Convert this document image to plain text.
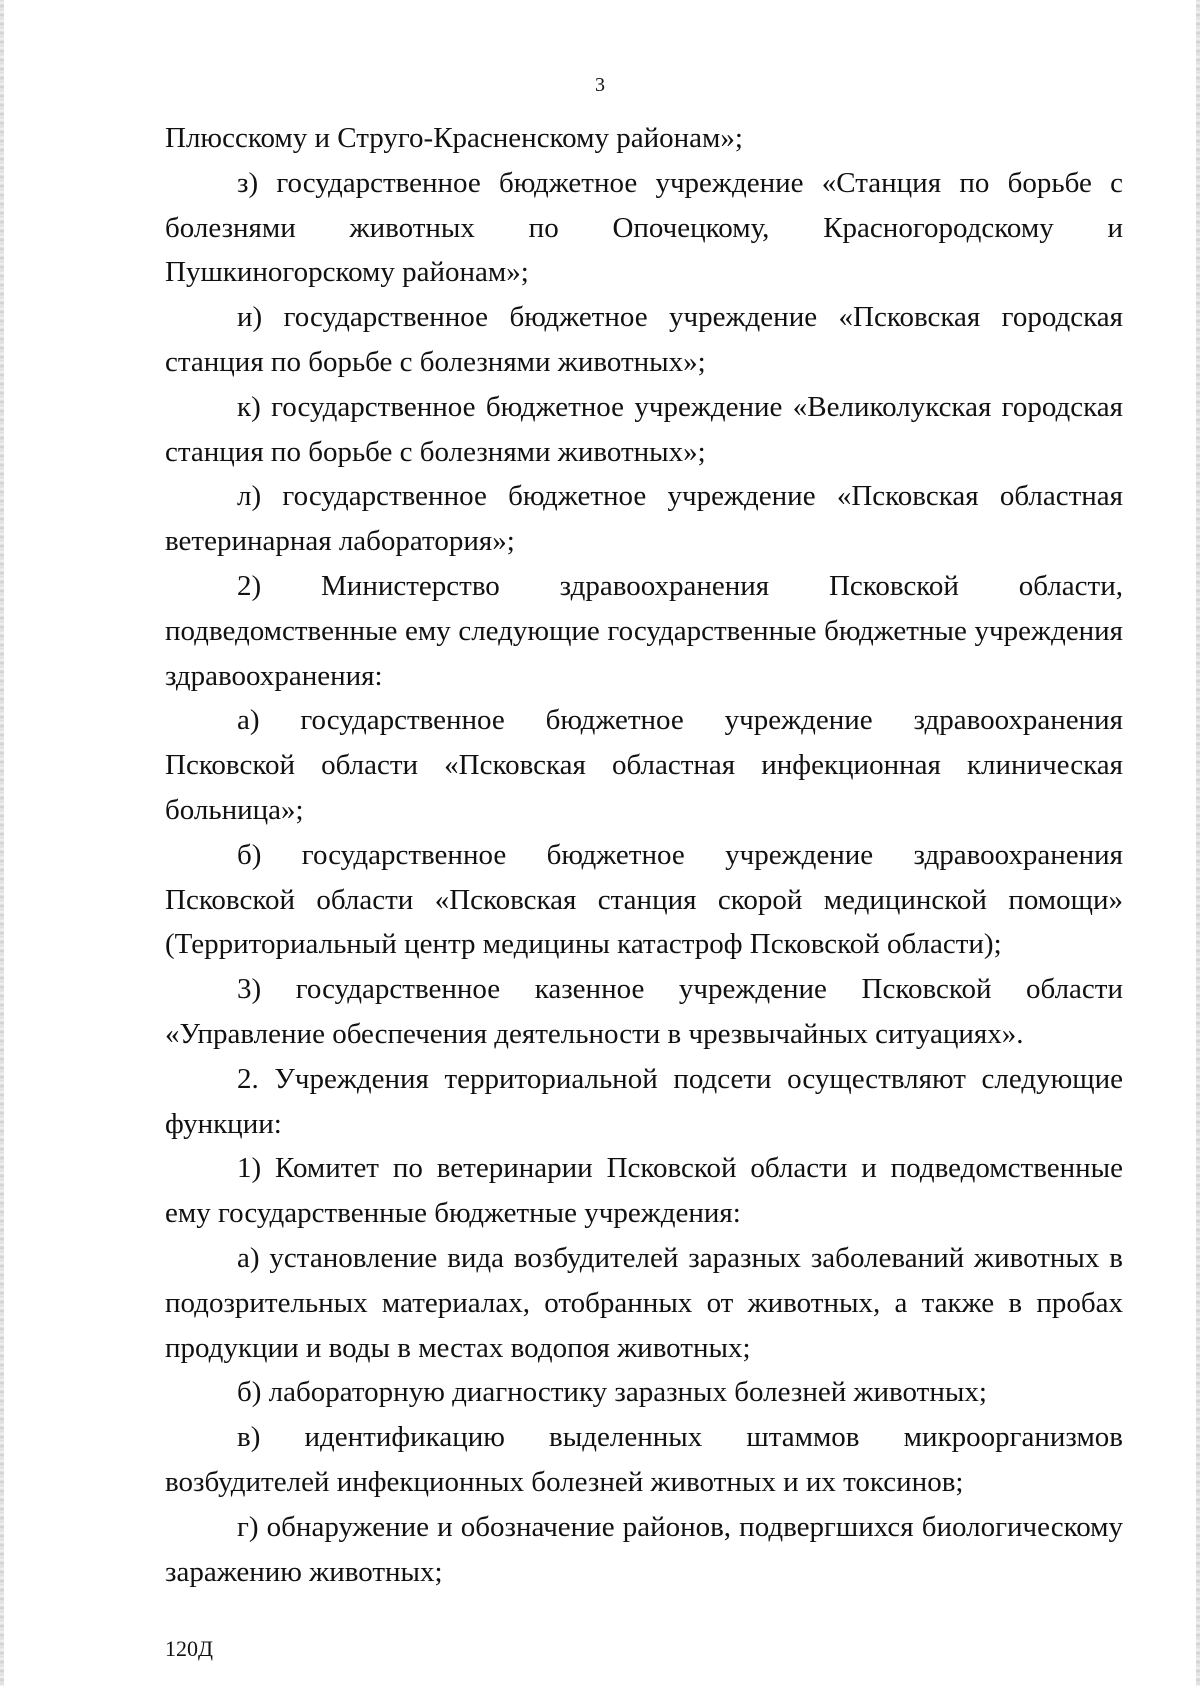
3

Плюсскому и Струго-Красненскому районам»;

з) государственное бюджетное учреждение «Станция по борьбе с болезнями животных по Опочецкому, Красногородскому и Пушкиногорскому районам»;

и) государственное бюджетное учреждение «Псковская городская станция по борьбе с болезнями животных»;

к) государственное бюджетное учреждение «Великолукская городская станция по борьбе с болезнями животных»;

л) государственное бюджетное учреждение «Псковская областная ветеринарная лаборатория»;

2) Министерство здравоохранения Псковской области, подведомственные ему следующие государственные бюджетные учреждения здравоохранения:

а) государственное бюджетное учреждение здравоохранения Псковской области «Псковская областная инфекционная клиническая больница»;

б) государственное бюджетное учреждение здравоохранения Псковской области «Псковская станция скорой медицинской помощи» (Территориальный центр медицины катастроф Псковской области);

3) государственное казенное учреждение Псковской области «Управление обеспечения деятельности в чрезвычайных ситуациях».

2. Учреждения территориальной подсети осуществляют следующие функции:

1) Комитет по ветеринарии Псковской области и подведомственные ему государственные бюджетные учреждения:

а) установление вида возбудителей заразных заболеваний животных в подозрительных материалах, отобранных от животных, а также в пробах продукции и воды в местах водопоя животных;

б) лабораторную диагностику заразных болезней животных;

в) идентификацию выделенных штаммов микроорганизмов возбудителей инфекционных болезней животных и их токсинов;

г) обнаружение и обозначение районов, подвергшихся биологическому заражению животных;

120Д
